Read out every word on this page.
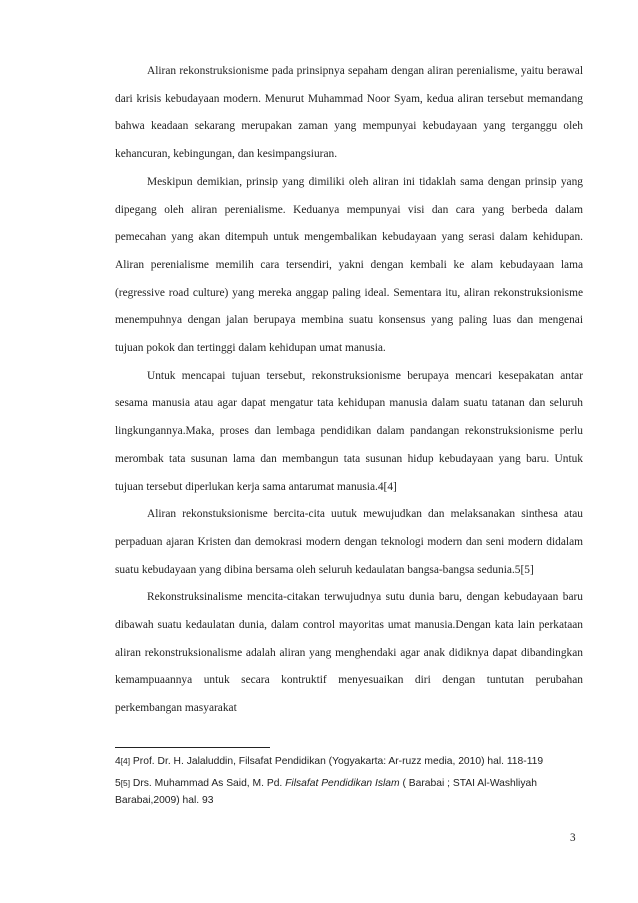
Aliran rekonstruksionisme pada prinsipnya sepaham dengan aliran perenialisme, yaitu berawal dari krisis kebudayaan modern. Menurut Muhammad Noor Syam, kedua aliran tersebut memandang bahwa keadaan sekarang merupakan zaman yang mempunyai kebudayaan yang terganggu oleh kehancuran, kebingungan, dan kesimpangsiuran.

Meskipun demikian, prinsip yang dimiliki oleh aliran ini tidaklah sama dengan prinsip yang dipegang oleh aliran perenialisme. Keduanya mempunyai visi dan cara yang berbeda dalam pemecahan yang akan ditempuh untuk mengembalikan kebudayaan yang serasi dalam kehidupan. Aliran perenialisme memilih cara tersendiri, yakni dengan kembali ke alam kebudayaan lama (regressive road culture) yang mereka anggap paling ideal. Sementara itu, aliran rekonstruksionisme menempuhnya dengan jalan berupaya membina suatu konsensus yang paling luas dan mengenai tujuan pokok dan tertinggi dalam kehidupan umat manusia.

Untuk mencapai tujuan tersebut, rekonstruksionisme berupaya mencari kesepakatan antar sesama manusia atau agar dapat mengatur tata kehidupan manusia dalam suatu tatanan dan seluruh lingkungannya.Maka, proses dan lembaga pendidikan dalam pandangan rekonstruksionisme perlu merombak tata susunan lama dan membangun tata susunan hidup kebudayaan yang baru. Untuk tujuan tersebut diperlukan kerja sama antarumat manusia.4[4]

Aliran rekonstuksionisme bercita-cita uutuk mewujudkan dan melaksanakan sinthesa atau perpaduan ajaran Kristen dan demokrasi modern dengan teknologi modern dan seni modern didalam suatu kebudayaan yang dibina bersama oleh seluruh kedaulatan bangsa-bangsa sedunia.5[5]

Rekonstruksinalisme mencita-citakan terwujudnya sutu dunia baru, dengan kebudayaan baru dibawah suatu kedaulatan dunia, dalam control mayoritas umat manusia.Dengan kata lain perkataan aliran rekonstruksionalisme adalah aliran yang menghendaki agar anak didiknya dapat dibandingkan kemampuaannya untuk secara kontruktif menyesuaikan diri dengan tuntutan perubahan perkembangan masyarakat

4[4] Prof. Dr. H. Jalaluddin, Filsafat Pendidikan (Yogyakarta: Ar-ruzz media, 2010) hal. 118-119

5[5] Drs. Muhammad As Said, M. Pd. Filsafat Pendidikan Islam ( Barabai ; STAI Al-Washliyah Barabai,2009) hal. 93

3
